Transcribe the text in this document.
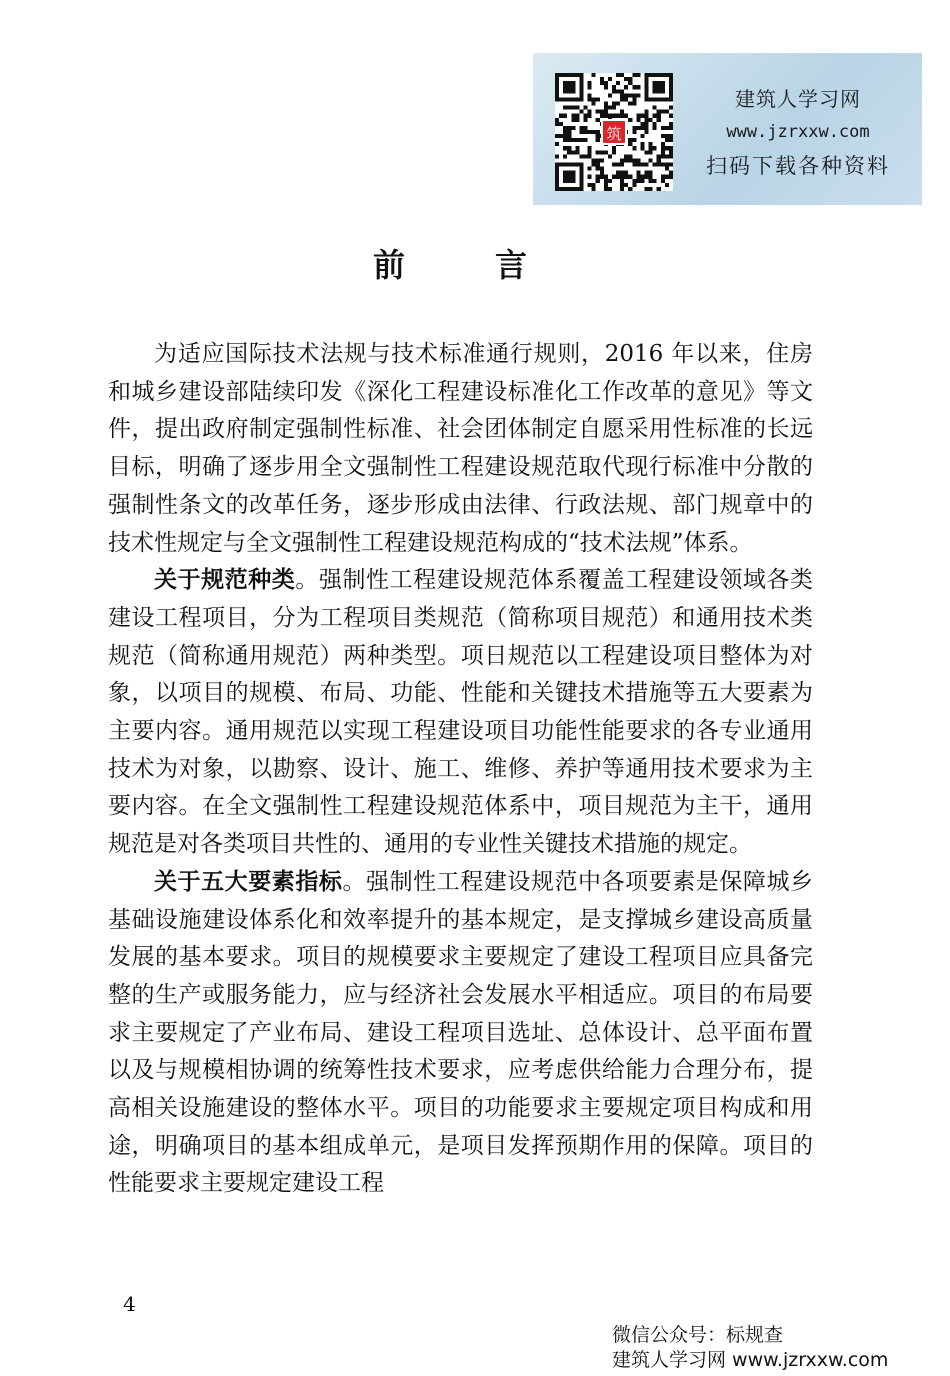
筑
建筑人学习网
www.jzrxxw.com
扫码下载各种资料
前言

为适应国际技术法规与技术标准通行规则，2016 年以来，住房和城乡建设部陆续印发《深化工程建设标准化工作改革的意见》等文件，提出政府制定强制性标准、社会团体制定自愿采用性标准的长远目标，明确了逐步用全文强制性工程建设规范取代现行标准中分散的强制性条文的改革任务，逐步形成由法律、行政法规、部门规章中的技术性规定与全文强制性工程建设规范构成的“技术法规”体系。

关于规范种类。强制性工程建设规范体系覆盖工程建设领域各类建设工程项目，分为工程项目类规范（简称项目规范）和通用技术类规范（简称通用规范）两种类型。项日规范以工程建设项目整体为对象，以项目的规模、布局、功能、性能和关键技术措施等五大要素为主要内容。通用规范以实现工程建设项目功能性能要求的各专业通用技术为对象，以勘察、设计、施工、维修、养护等通用技术要求为主要内容。在全文强制性工程建设规范体系中，项目规范为主干，通用规范是对各类项目共性的、通用的专业性关键技术措施的规定。

关于五大要素指标。强制性工程建设规范中各项要素是保障城乡基础设施建设体系化和效率提升的基本规定，是支撑城乡建设高质量发展的基本要求。项目的规模要求主要规定了建设工程项目应具备完整的生产或服务能力，应与经济社会发展水平相适应。项目的布局要求主要规定了产业布局、建设工程项目选址、总体设计、总平面布置以及与规模相协调的统筹性技术要求，应考虑供给能力合理分布，提高相关设施建设的整体水平。项目的功能要求主要规定项目构成和用途，明确项目的基本组成单元，是项目发挥预期作用的保障。项目的性能要求主要规定建设工程

4
微信公众号：标规查
建筑人学习网 www.jzrxxw.com
